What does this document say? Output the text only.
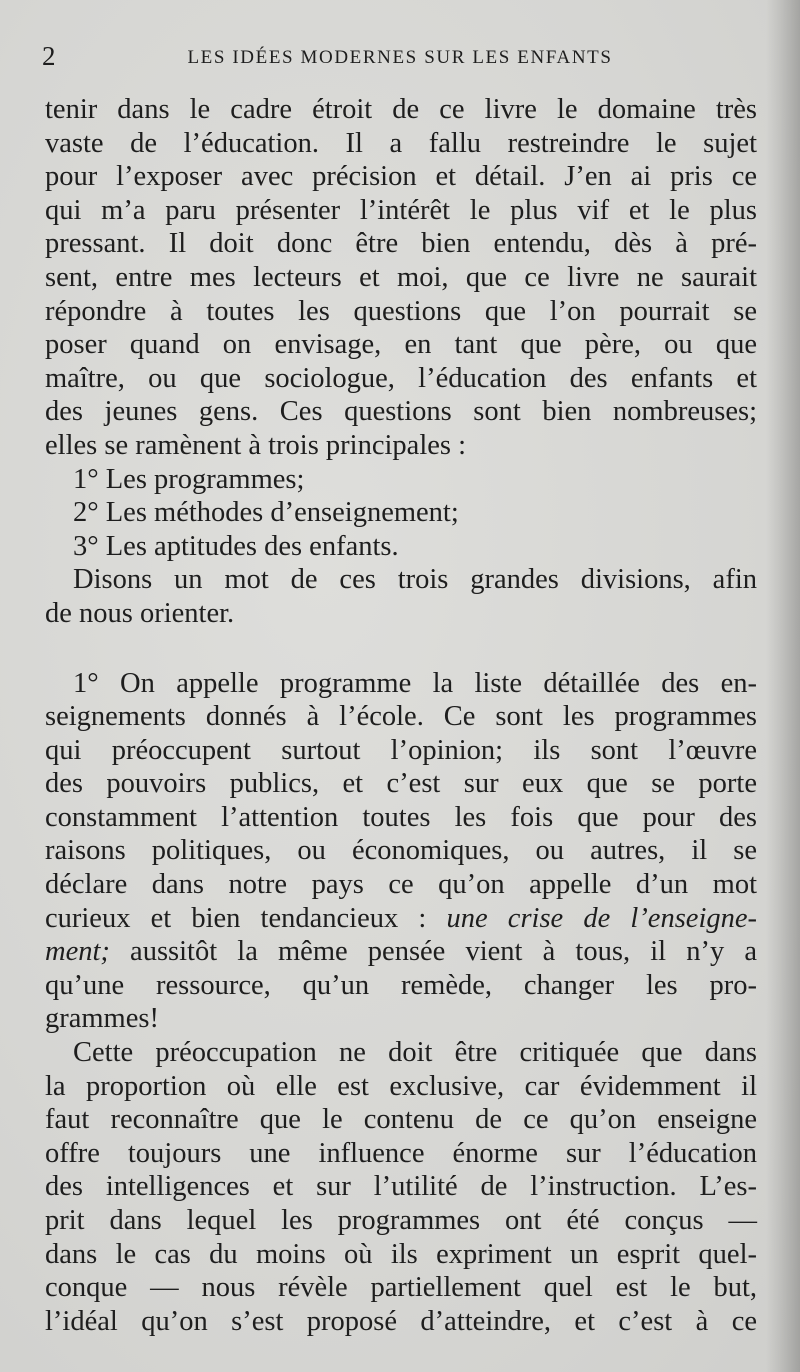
2	LES IDÉES MODERNES SUR LES ENFANTS
tenir dans le cadre étroit de ce livre le domaine très
vaste de l’éducation. Il a fallu restreindre le sujet
pour l’exposer avec précision et détail. J’en ai pris ce
qui m’a paru présenter l’intérêt le plus vif et le plus
pressant. Il doit donc être bien entendu, dès à pré-
sent, entre mes lecteurs et moi, que ce livre ne saurait
répondre à toutes les questions que l’on pourrait se
poser quand on envisage, en tant que père, ou que
maître, ou que sociologue, l’éducation des enfants et
des jeunes gens. Ces questions sont bien nombreuses;
elles se ramènent à trois principales :
1° Les programmes;
2° Les méthodes d’enseignement;
3° Les aptitudes des enfants.
Disons un mot de ces trois grandes divisions, afin
de nous orienter.
1° On appelle programme la liste détaillée des en-
seignements donnés à l’école. Ce sont les programmes
qui préoccupent surtout l’opinion; ils sont l’œuvre
des pouvoirs publics, et c’est sur eux que se porte
constamment l’attention toutes les fois que pour des
raisons politiques, ou économiques, ou autres, il se
déclare dans notre pays ce qu’on appelle d’un mot
curieux et bien tendancieux : une crise de l’enseigne-
ment; aussitôt la même pensée vient à tous, il n’y a
qu’une ressource, qu’un remède, changer les pro-
grammes!
Cette préoccupation ne doit être critiquée que dans
la proportion où elle est exclusive, car évidemment il
faut reconnaître que le contenu de ce qu’on enseigne
offre toujours une influence énorme sur l’éducation
des intelligences et sur l’utilité de l’instruction. L’es-
prit dans lequel les programmes ont été conçus —
dans le cas du moins où ils expriment un esprit quel-
conque — nous révèle partiellement quel est le but,
l’idéal qu’on s’est proposé d’atteindre, et c’est à ce
